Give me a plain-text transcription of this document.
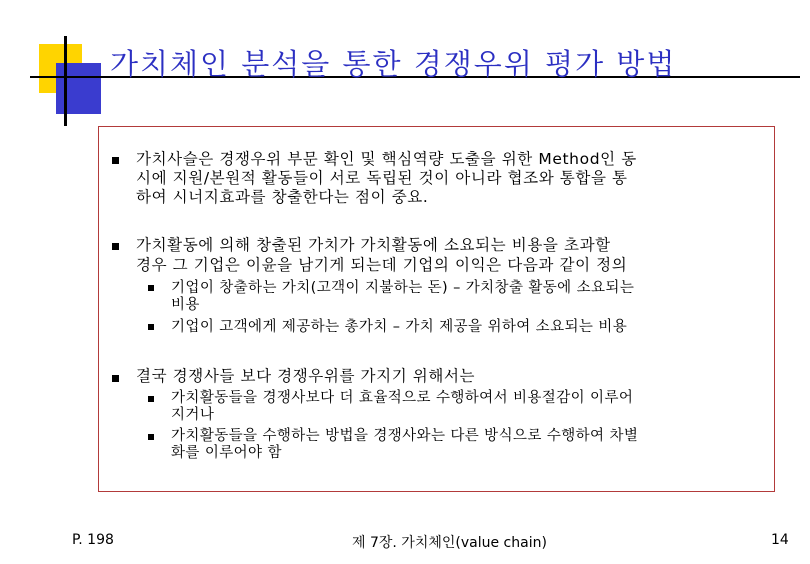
가치체인 분석을 통한 경쟁우위 평가 방법
가치사슬은 경쟁우위 부문 확인 및 핵심역량 도출을 위한 Method인 동
시에 지원/본원적 활동들이 서로 독립된 것이 아니라 협조와 통합을 통
하여 시너지효과를 창출한다는 점이 중요.
가치활동에 의해 창출된 가치가 가치활동에 소요되는 비용을 초과할
경우 그 기업은 이윤을 남기게 되는데 기업의 이익은 다음과 같이 정의
기업이 창출하는 가치(고객이 지불하는 돈) – 가치창출 활동에 소요되는
비용
기업이 고객에게 제공하는 총가치 – 가치 제공을 위하여 소요되는 비용
결국 경쟁사들 보다 경쟁우위를 가지기 위해서는
가치활동들을 경쟁사보다 더 효율적으로 수행하여서 비용절감이 이루어
지거나
가치활동들을 수행하는 방법을 경쟁사와는 다른 방식으로 수행하여 차별
화를 이루어야 함
P. 198	제 7장. 가치체인(value chain)	14
